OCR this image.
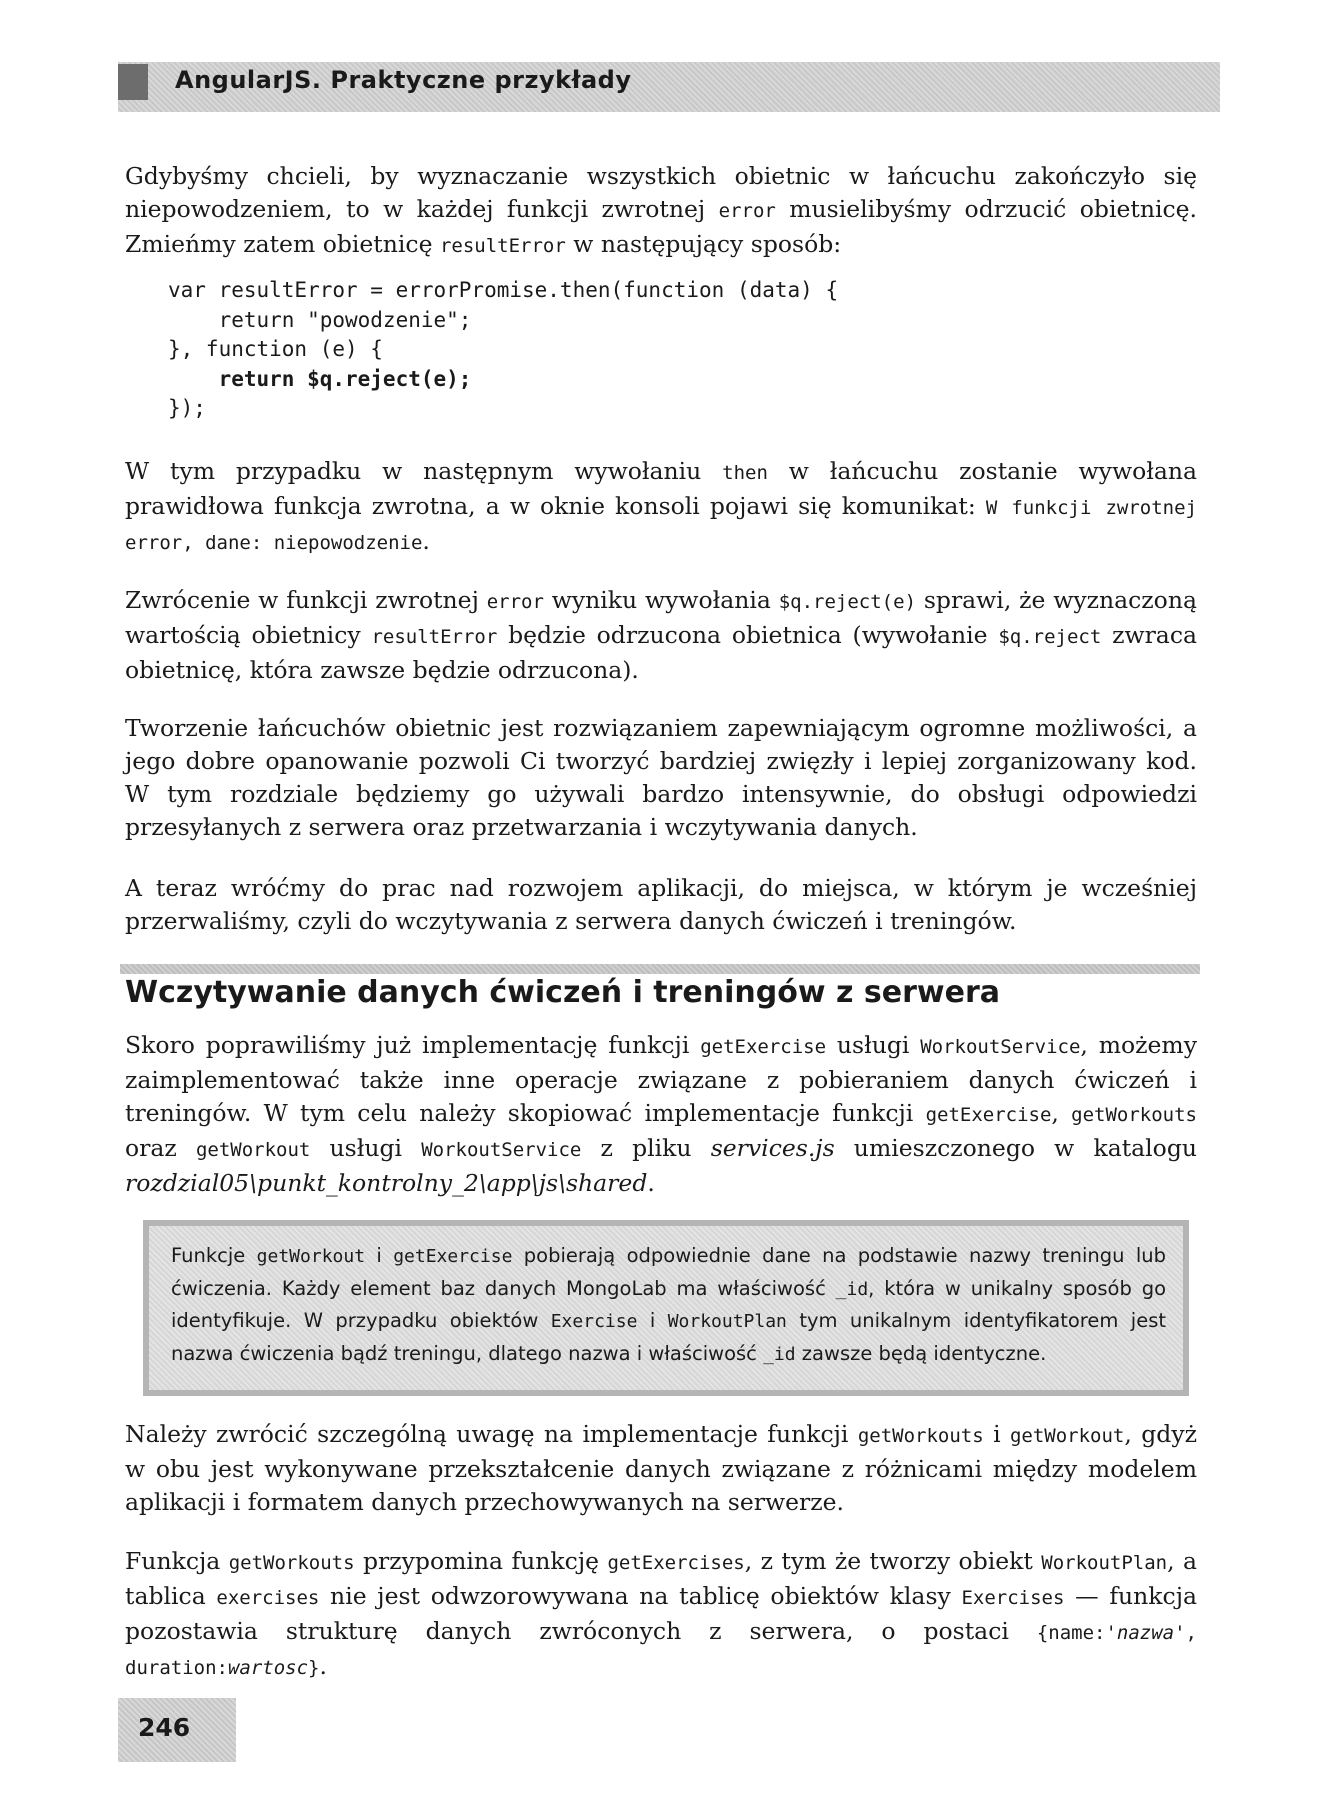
AngularJS. Praktyczne przykłady
Gdybyśmy chcieli, by wyznaczanie wszystkich obietnic w łańcuchu zakończyło się niepowodzeniem, to w każdej funkcji zwrotnej error musielibyśmy odrzucić obietnicę. Zmieńmy zatem obietnicę resultError w następujący sposób:
var resultError = errorPromise.then(function (data) {
return "powodzenie";
}, function (e) {
return $q.reject(e);
});
W tym przypadku w następnym wywołaniu then w łańcuchu zostanie wywołana prawidłowa funkcja zwrotna, a w oknie konsoli pojawi się komunikat: W funkcji zwrotnej error, dane: niepowodzenie.
Zwrócenie w funkcji zwrotnej error wyniku wywołania $q.reject(e) sprawi, że wyznaczoną wartością obietnicy resultError będzie odrzucona obietnica (wywołanie $q.reject zwraca obietnicę, która zawsze będzie odrzucona).
Tworzenie łańcuchów obietnic jest rozwiązaniem zapewniającym ogromne możliwości, a jego dobre opanowanie pozwoli Ci tworzyć bardziej zwięzły i lepiej zorganizowany kod. W tym rozdziale będziemy go używali bardzo intensywnie, do obsługi odpowiedzi przesyłanych z serwera oraz przetwarzania i wczytywania danych.
A teraz wróćmy do prac nad rozwojem aplikacji, do miejsca, w którym je wcześniej przerwaliśmy, czyli do wczytywania z serwera danych ćwiczeń i treningów.
Wczytywanie danych ćwiczeń i treningów z serwera
Skoro poprawiliśmy już implementację funkcji getExercise usługi WorkoutService, możemy zaimplementować także inne operacje związane z pobieraniem danych ćwiczeń i treningów. W tym celu należy skopiować implementacje funkcji getExercise, getWorkouts oraz getWorkout usługi WorkoutService z pliku services.js umieszczonego w katalogu rozdzial05\punkt_kontrolny_2\app\js\shared.
Funkcje getWorkout i getExercise pobierają odpowiednie dane na podstawie nazwy treningu lub ćwiczenia. Każdy element baz danych MongoLab ma właściwość _id, która w unikalny sposób go identyfikuje. W przypadku obiektów Exercise i WorkoutPlan tym unikalnym identyfikatorem jest nazwa ćwiczenia bądź treningu, dlatego nazwa i właściwość _id zawsze będą identyczne.
Należy zwrócić szczególną uwagę na implementacje funkcji getWorkouts i getWorkout, gdyż w obu jest wykonywane przekształcenie danych związane z różnicami między modelem aplikacji i formatem danych przechowywanych na serwerze.
Funkcja getWorkouts przypomina funkcję getExercises, z tym że tworzy obiekt WorkoutPlan, a tablica exercises nie jest odwzorowywana na tablicę obiektów klasy Exercises — funkcja pozostawia strukturę danych zwróconych z serwera, o postaci {name:'nazwa', duration:wartosc}.
246
